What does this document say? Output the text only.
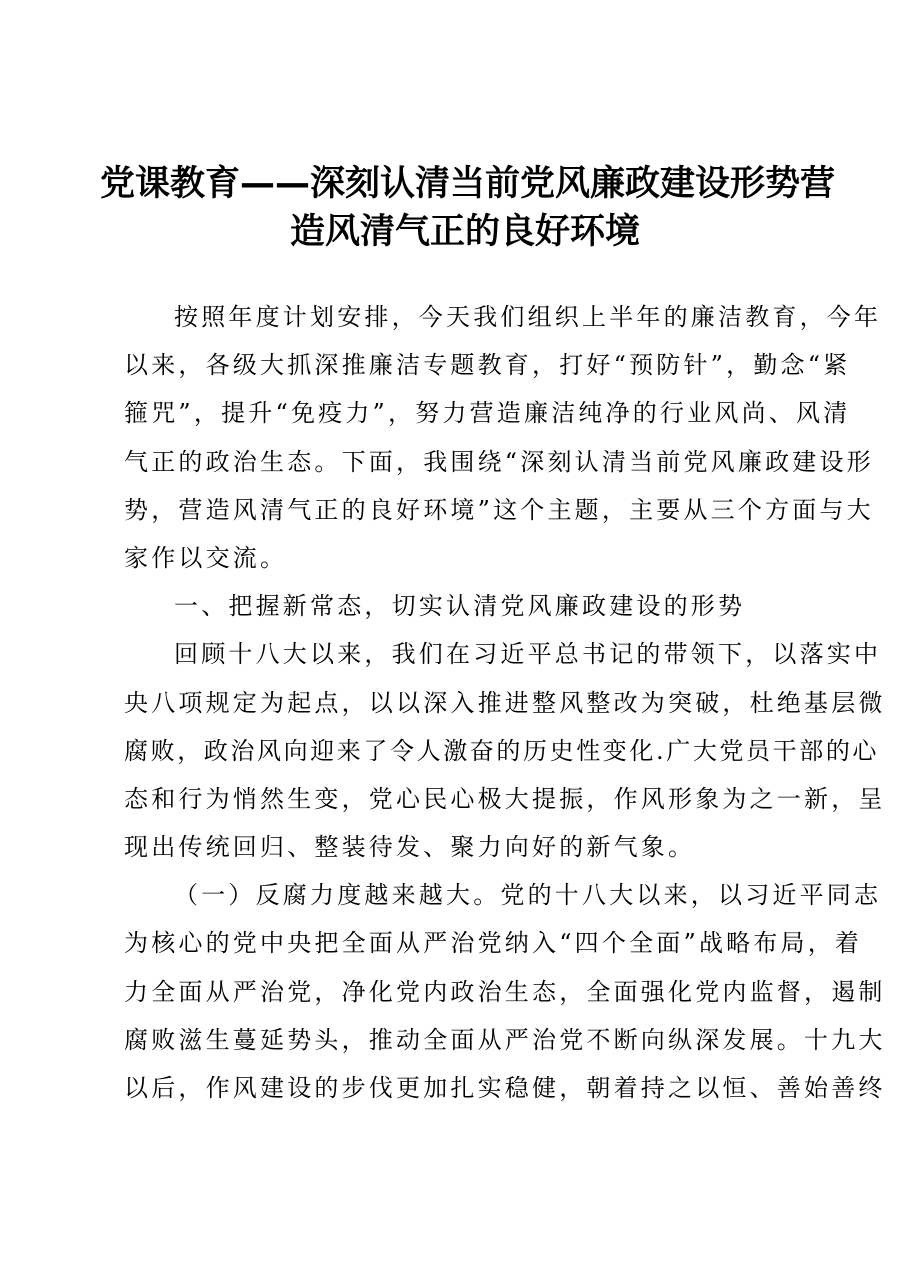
党课教育——深刻认清当前党风廉政建设形势营
造风清气正的良好环境
按照年度计划安排，今天我们组织上半年的廉洁教育，今年
以来，各级大抓深推廉洁专题教育，打好“预防针”，勤念“紧
箍咒”，提升“免疫力”，努力营造廉洁纯净的行业风尚、风清
气正的政治生态。下面，我围绕“深刻认清当前党风廉政建设形
势，营造风清气正的良好环境”这个主题，主要从三个方面与大
家作以交流。
一、把握新常态，切实认清党风廉政建设的形势
回顾十八大以来，我们在习近平总书记的带领下，以落实中
央八项规定为起点，以以深入推进整风整改为突破，杜绝基层微
腐败，政治风向迎来了令人激奋的历史性变化.广大党员干部的心
态和行为悄然生变，党心民心极大提振，作风形象为之一新，呈
现出传统回归、整装待发、聚力向好的新气象。
（一）反腐力度越来越大。党的十八大以来，以习近平同志
为核心的党中央把全面从严治党纳入“四个全面”战略布局，着
力全面从严治党，净化党内政治生态，全面强化党内监督，遏制
腐败滋生蔓延势头，推动全面从严治党不断向纵深发展。十九大
以后，作风建设的步伐更加扎实稳健，朝着持之以恒、善始善终
